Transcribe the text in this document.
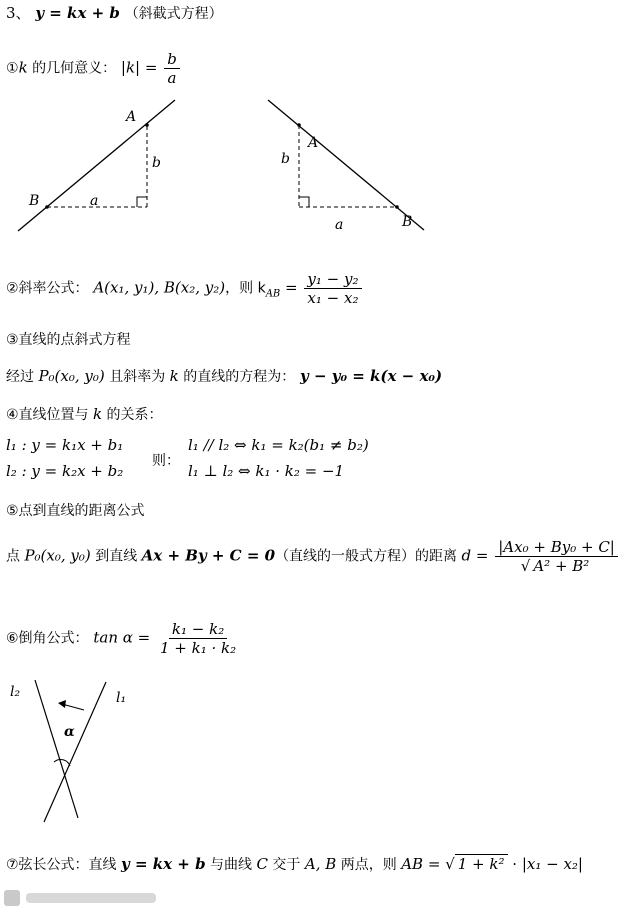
3、 y = kx + b （斜截式方程）
①k 的几何意义： $|k| = \frac{b}{a}$
A
B	a
b
A
B
a
b
②斜率公式： A(x₁, y₁), B(x₂, y₂)，则 $k_{AB} = \frac{\text{y₁ − y₂}}{\text{x₁ − x₂}}$
③直线的点斜式方程
经过 P₀(x₀, y₀) 且斜率为 k 的直线的方程为： y − y₀ = k(x − x₀)
④直线位置与 k 的关系：
l₁ : y = k₁x + b₁
l₂ : y = k₂x + b₂
则：
l₁ // l₂ ⇔ k₁ = k₂(b₁ ≠ b₂)
l₁ ⊥ l₂ ⇔ k₁ · k₂ = −1
⑤点到直线的距离公式
点 P₀(x₀, y₀) 到直线 Ax + By + C = 0（直线的一般式方程）的距离 $d = \frac{\text{|Ax₀ + By₀ + C|}}{\text{√ A² + B²}}$
⑥倒角公式： $\tan \alpha = \frac{\text{k₁ − k₂}}{\text{1 + k₁ · k₂}}$
l₂	l₁
α
⑦弦长公式：直线 y = kx + b 与曲线 C 交于 A, B 两点，则 AB = √ 1 + k² · |x₁ − x₂|
